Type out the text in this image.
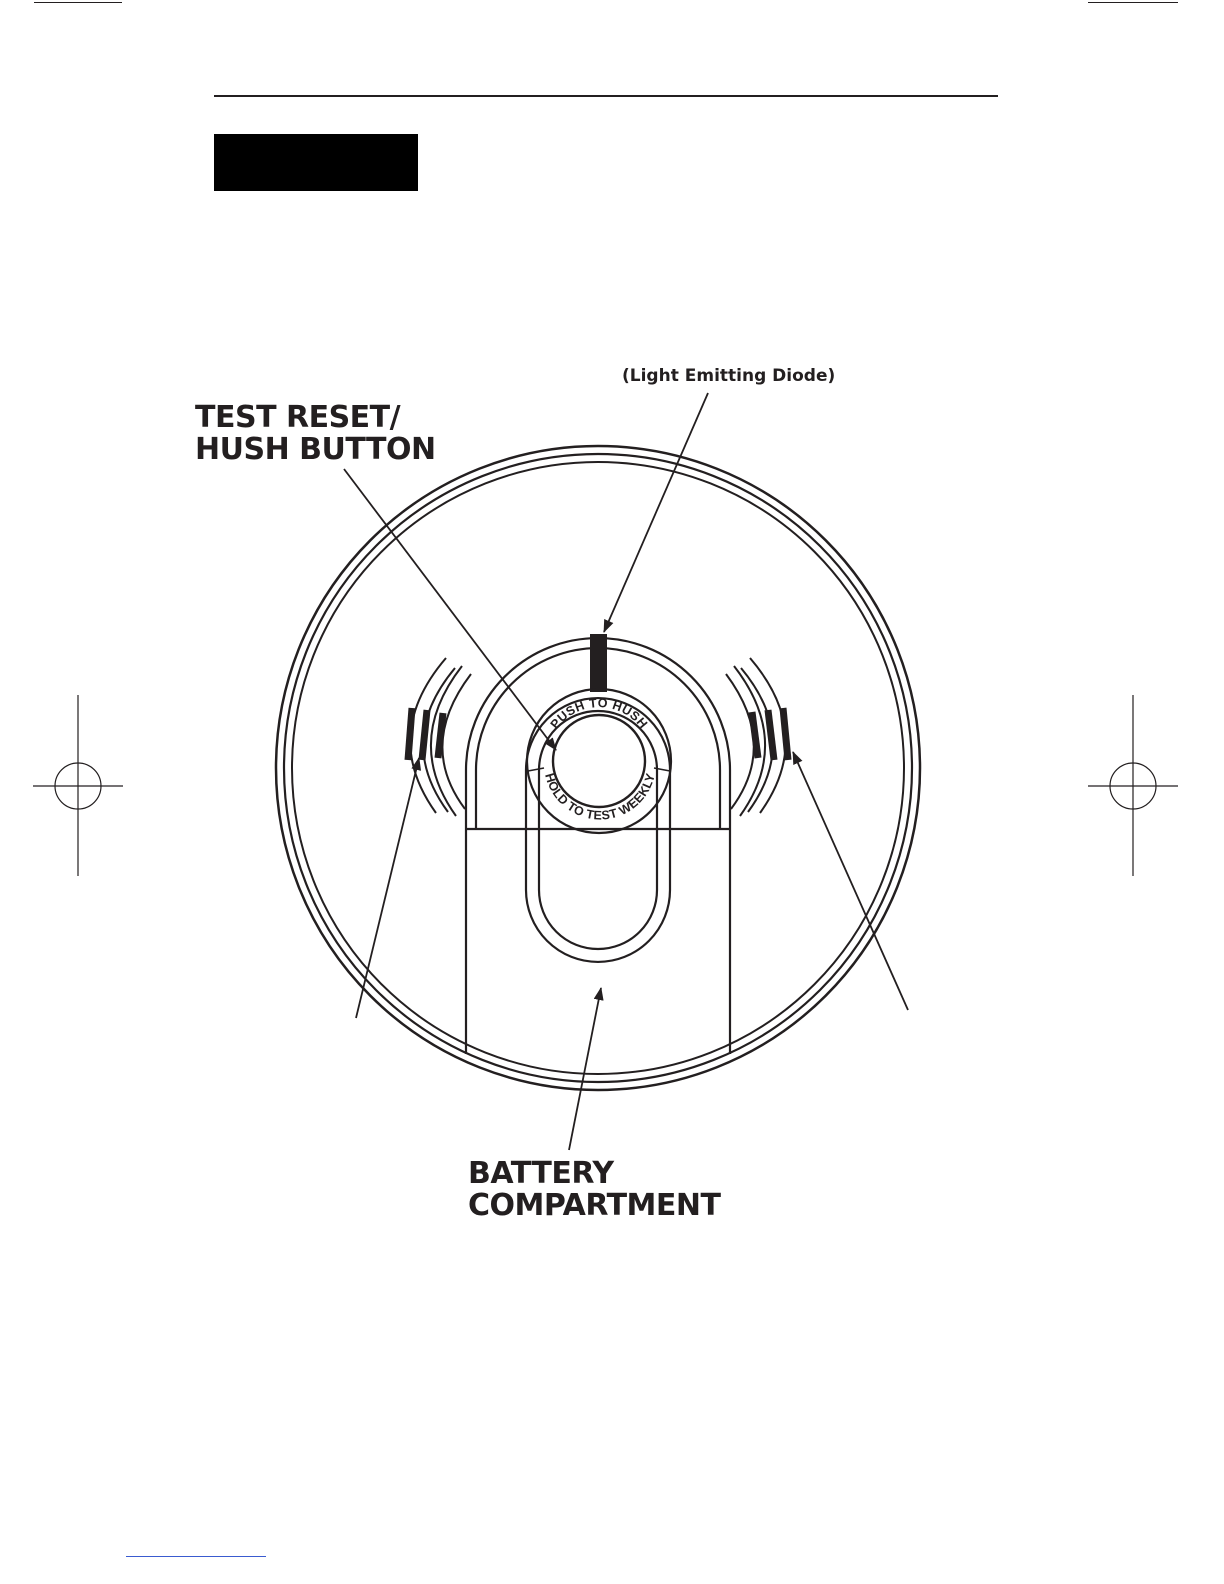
PUSH TO HUSH
HOLD TO TEST WEEKLY
(Light Emitting Diode)
TEST RESET/
HUSH BUTTON
BATTERY
COMPARTMENT
